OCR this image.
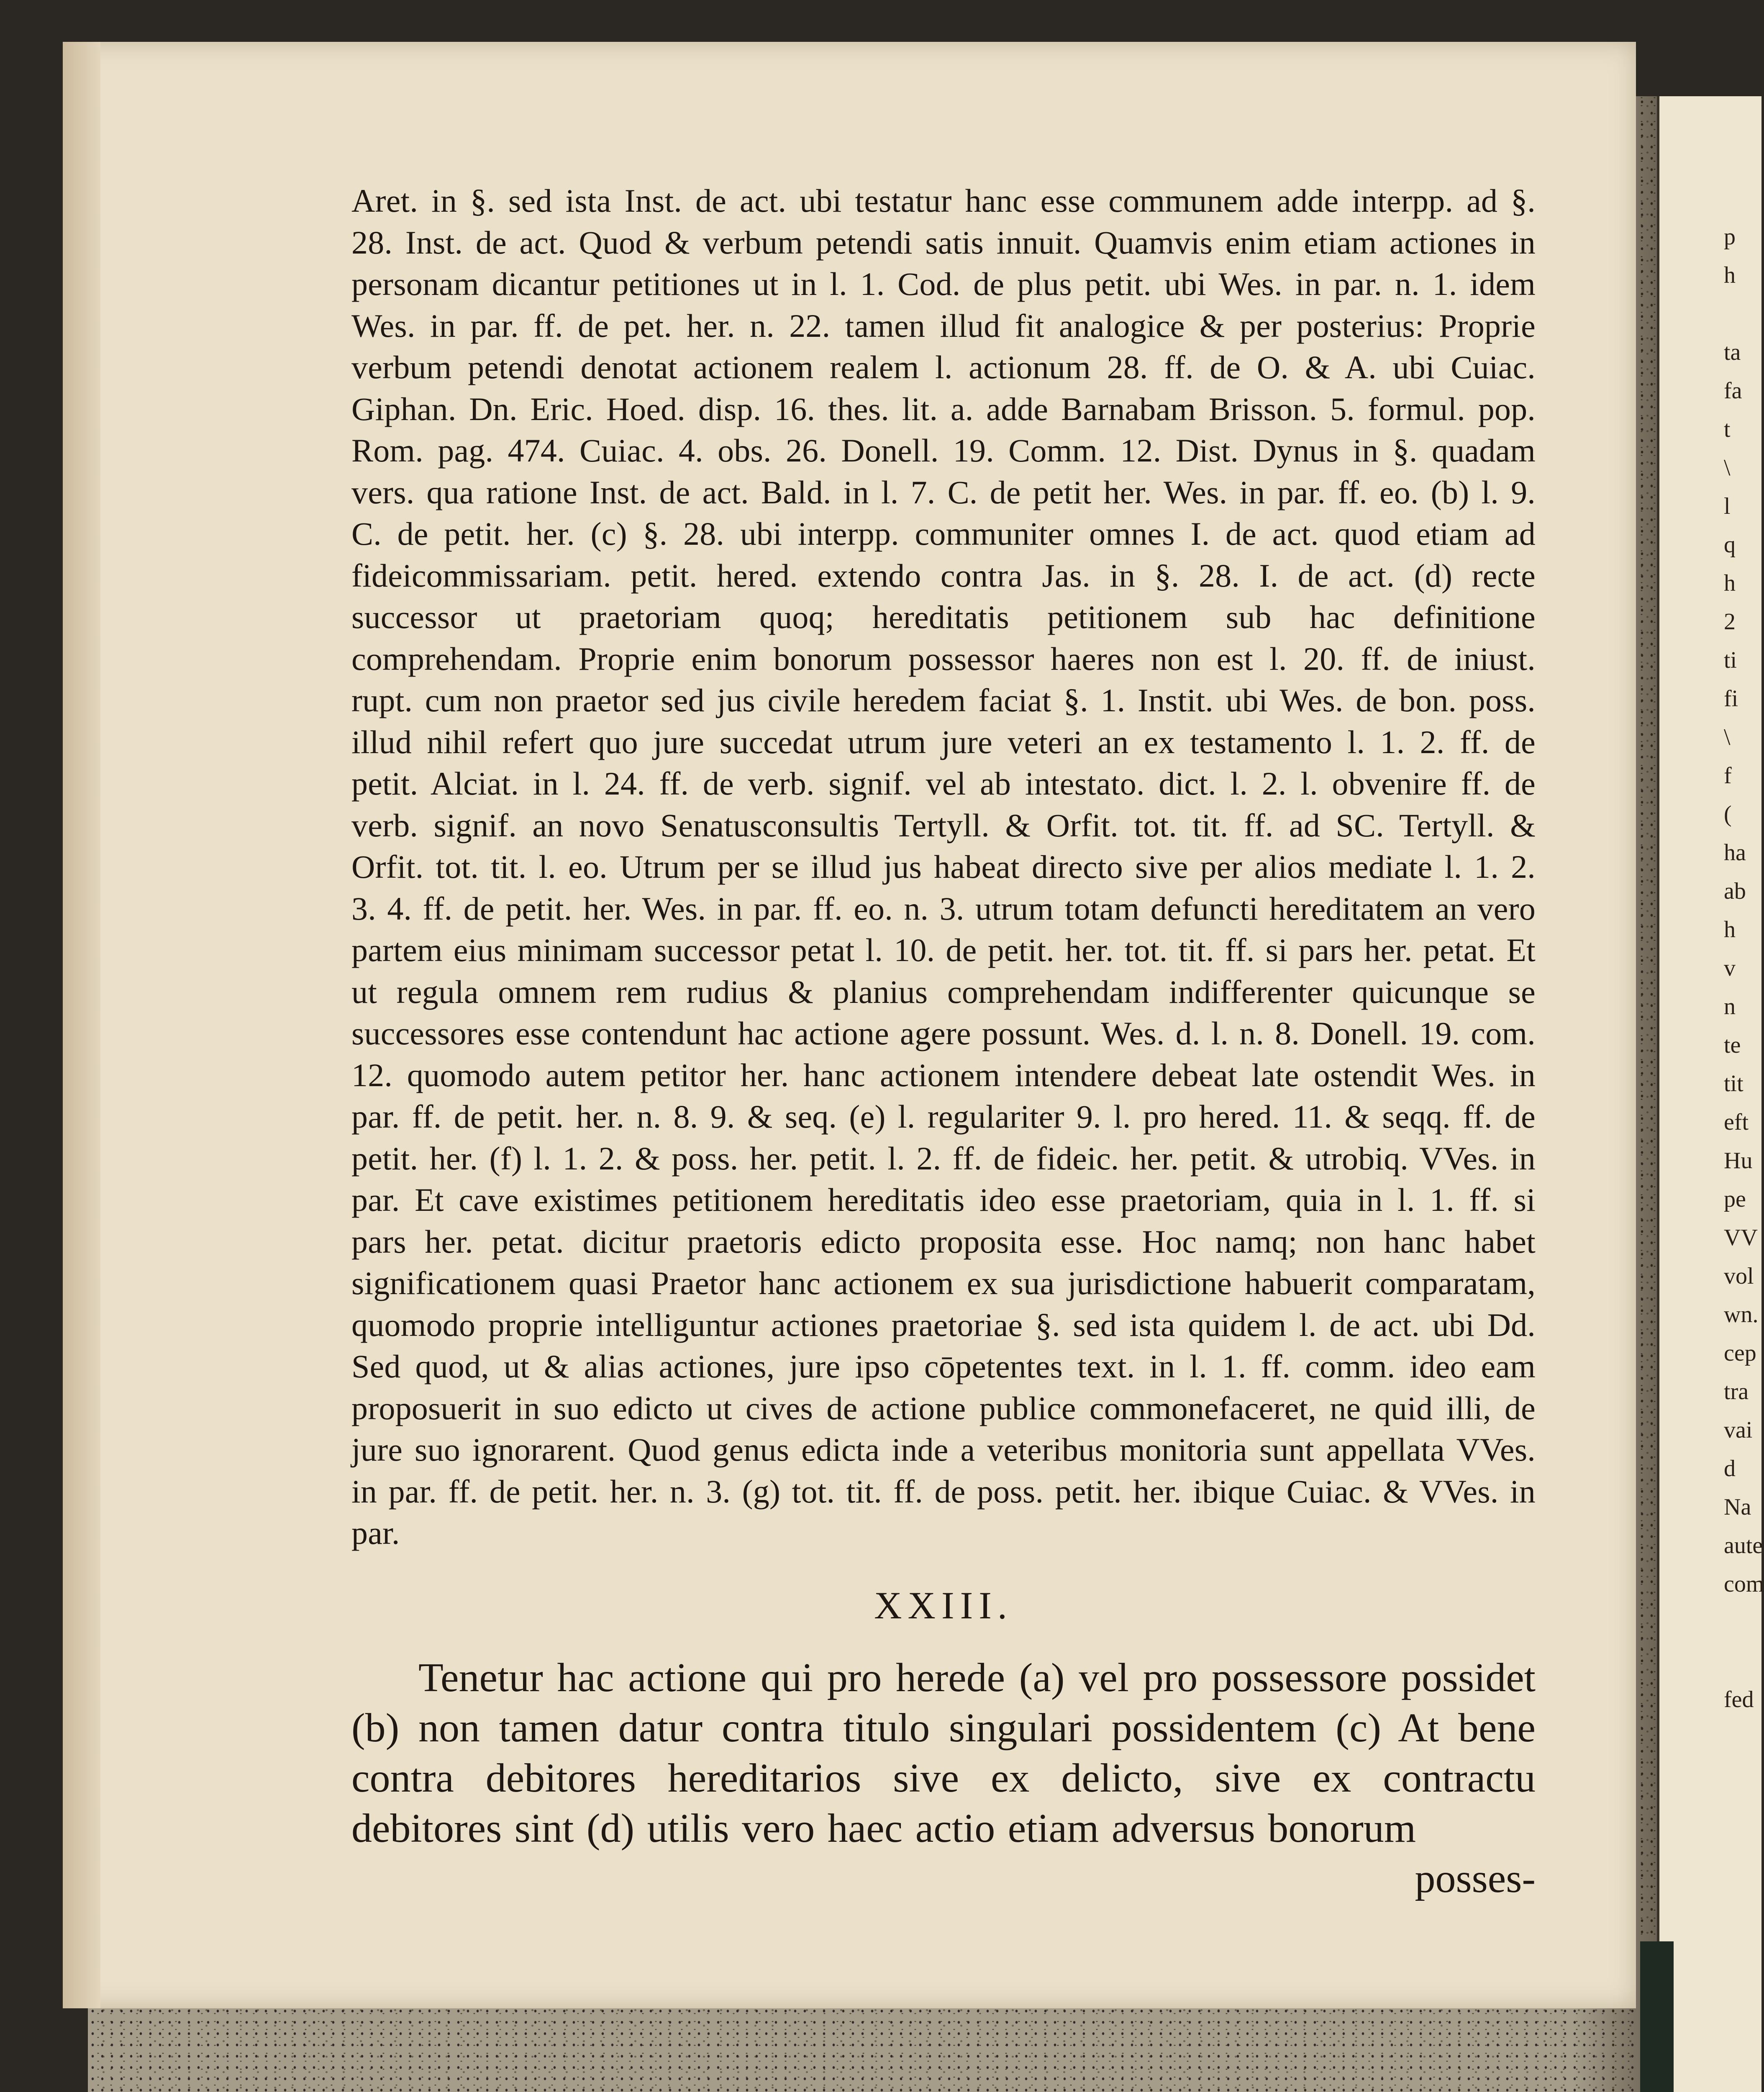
Aret. in §. sed ista Inst. de act. ubi testatur hanc esse communem adde interpp. ad §. 28. Inst. de act. Quod & verbum petendi satis innuit. Quamvis enim etiam actiones in personam dicantur petitiones ut in l. 1. Cod. de plus petit. ubi Wes. in par. n. 1. idem Wes. in par. ff. de pet. her. n. 22. tamen illud fit analogice & per posterius: Proprie verbum petendi denotat actionem realem l. actionum 28. ff. de O. & A. ubi Cuiac. Giphan. Dn. Eric. Hoed. disp. 16. thes. lit. a. adde Barnabam Brisson. 5. formul. pop. Rom. pag. 474. Cuiac. 4. obs. 26. Donell. 19. Comm. 12. Dist. Dynus in §. quadam vers. qua ratione Inst. de act. Bald. in l. 7. C. de petit her. Wes. in par. ff. eo. (b) l. 9. C. de petit. her. (c) §. 28. ubi interpp. communiter omnes I. de act. quod etiam ad fideicommissariam. petit. hered. extendo contra Jas. in §. 28. I. de act. (d) recte successor ut praetoriam quoq; hereditatis petitionem sub hac definitione comprehendam. Proprie enim bonorum possessor haeres non est l. 20. ff. de iniust. rupt. cum non praetor sed jus civile heredem faciat §. 1. Instit. ubi Wes. de bon. poss. illud nihil refert quo jure succedat utrum jure veteri an ex testamento l. 1. 2. ff. de petit. Alciat. in l. 24. ff. de verb. signif. vel ab intestato. dict. l. 2. l. obvenire ff. de verb. signif. an novo Senatusconsultis Tertyll. & Orfit. tot. tit. ff. ad SC. Tertyll. & Orfit. tot. tit. l. eo. Utrum per se illud jus habeat directo sive per alios mediate l. 1. 2. 3. 4. ff. de petit. her. Wes. in par. ff. eo. n. 3. utrum totam defuncti hereditatem an vero partem eius minimam successor petat l. 10. de petit. her. tot. tit. ff. si pars her. petat. Et ut regula omnem rem rudius & planius comprehendam indifferenter quicunque se successores esse contendunt hac actione agere possunt. Wes. d. l. n. 8. Donell. 19. com. 12. quomodo autem petitor her. hanc actionem intendere debeat late ostendit Wes. in par. ff. de petit. her. n. 8. 9. & seq. (e) l. regulariter 9. l. pro hered. 11. & seqq. ff. de petit. her. (f) l. 1. 2. & poss. her. petit. l. 2. ff. de fideic. her. petit. & utrobiq. VVes. in par. Et cave existimes petitionem hereditatis ideo esse praetoriam, quia in l. 1. ff. si pars her. petat. dicitur praetoris edicto proposita esse. Hoc namq; non hanc habet significationem quasi Praetor hanc actionem ex sua jurisdictione habuerit comparatam, quomodo proprie intelliguntur actiones praetoriae §. sed ista quidem l. de act. ubi Dd. Sed quod, ut & alias actiones, jure ipso cōpetentes text. in l. 1. ff. comm. ideo eam proposuerit in suo edicto ut cives de actione publice commonefaceret, ne quid illi, de jure suo ignorarent. Quod genus edicta inde a veteribus monitoria sunt appellata VVes. in par. ff. de petit. her. n. 3. (g) tot. tit. ff. de poss. petit. her. ibique Cuiac. & VVes. in par.

XXIII.

Tenetur hac actione qui pro herede (a) vel pro possessore possidet (b) non tamen datur contra titulo singulari possidentem (c) At bene contra debitores hereditarios sive ex delicto, sive ex contractu debitores sint (d) utilis vero haec actio etiam adversus bonorum

posses-

p
h

ta
fa
t
\
l
q
h
2
ti
fi
\
f
(
ha
ab
h
v
n
te
tit
eft
Hu
pe
VV
vol
wn.
cep
tra
vai
d
Na
aute
com

fed
